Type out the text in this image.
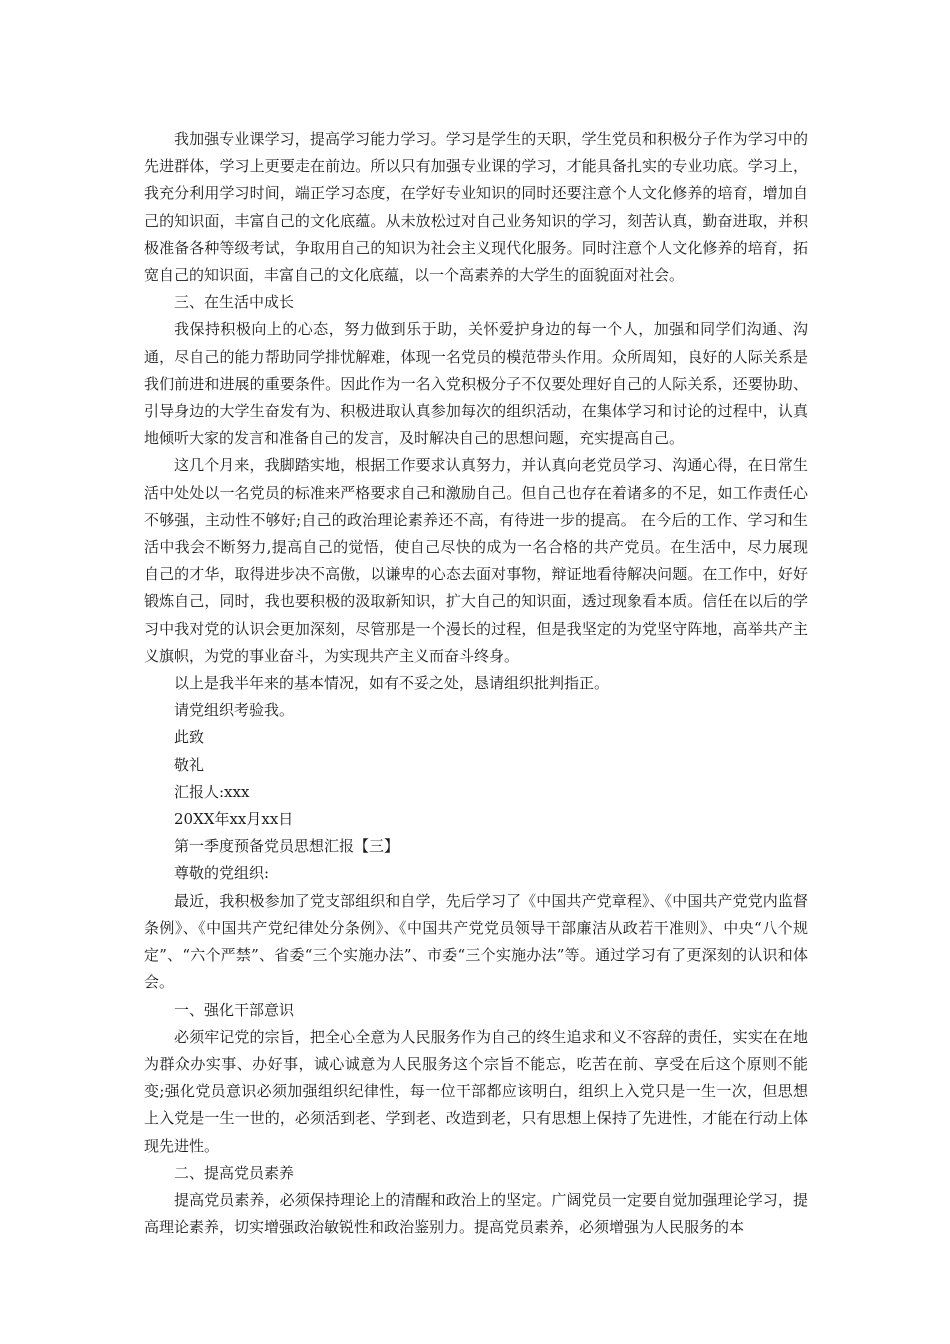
我加强专业课学习，提高学习能力学习。学习是学生的天职，学生党员和积极分子作为学习中的先进群体，学习上更要走在前边。所以只有加强专业课的学习，才能具备扎实的专业功底。学习上，我充分利用学习时间，端正学习态度，在学好专业知识的同时还要注意个人文化修养的培育，增加自己的知识面，丰富自己的文化底蕴。从未放松过对自己业务知识的学习，刻苦认真，勤奋进取，并积极准备各种等级考试，争取用自己的知识为社会主义现代化服务。同时注意个人文化修养的培育，拓宽自己的知识面，丰富自己的文化底蕴，以一个高素养的大学生的面貌面对社会。

三、在生活中成长

我保持积极向上的心态，努力做到乐于助，关怀爱护身边的每一个人，加强和同学们沟通、沟通，尽自己的能力帮助同学排忧解难，体现一名党员的模范带头作用。众所周知，良好的人际关系是我们前进和进展的重要条件。因此作为一名入党积极分子不仅要处理好自己的人际关系，还要协助、引导身边的大学生奋发有为、积极进取认真参加每次的组织活动，在集体学习和讨论的过程中，认真地倾听大家的发言和准备自己的发言，及时解决自己的思想问题，充实提高自己。

这几个月来，我脚踏实地，根据工作要求认真努力，并认真向老党员学习、沟通心得，在日常生活中处处以一名党员的标准来严格要求自己和激励自己。但自己也存在着诸多的不足，如工作责任心不够强，主动性不够好;自己的政治理论素养还不高，有待进一步的提高。 在今后的工作、学习和生活中我会不断努力,提高自己的觉悟，使自己尽快的成为一名合格的共产党员。在生活中，尽力展现自己的才华，取得进步决不高傲，以谦卑的心态去面对事物，辩证地看待解决问题。在工作中，好好锻炼自己，同时，我也要积极的汲取新知识，扩大自己的知识面，透过现象看本质。信任在以后的学习中我对党的认识会更加深刻，尽管那是一个漫长的过程，但是我坚定的为党坚守阵地，高举共产主义旗帜，为党的事业奋斗，为实现共产主义而奋斗终身。

以上是我半年来的基本情况，如有不妥之处，恳请组织批判指正。

请党组织考验我。

此致

敬礼

汇报人:xxx

20XX年xx月xx日

第一季度预备党员思想汇报【三】

尊敬的党组织:

最近，我积极参加了党支部组织和自学，先后学习了《中国共产党章程》、《中国共产党党内监督条例》、《中国共产党纪律处分条例》、《中国共产党党员领导干部廉洁从政若干准则》、中央“八个规定”、“六个严禁”、省委“三个实施办法”、市委“三个实施办法”等。通过学习有了更深刻的认识和体会。

一、强化干部意识

必须牢记党的宗旨，把全心全意为人民服务作为自己的终生追求和义不容辞的责任，实实在在地为群众办实事、办好事，诚心诚意为人民服务这个宗旨不能忘，吃苦在前、享受在后这个原则不能变;强化党员意识必须加强组织纪律性，每一位干部都应该明白，组织上入党只是一生一次，但思想上入党是一生一世的，必须活到老、学到老、改造到老，只有思想上保持了先进性，才能在行动上体现先进性。

二、提高党员素养

提高党员素养，必须保持理论上的清醒和政治上的坚定。广阔党员一定要自觉加强理论学习，提高理论素养，切实增强政治敏锐性和政治鉴别力。提高党员素养，必须增强为人民服务的本
